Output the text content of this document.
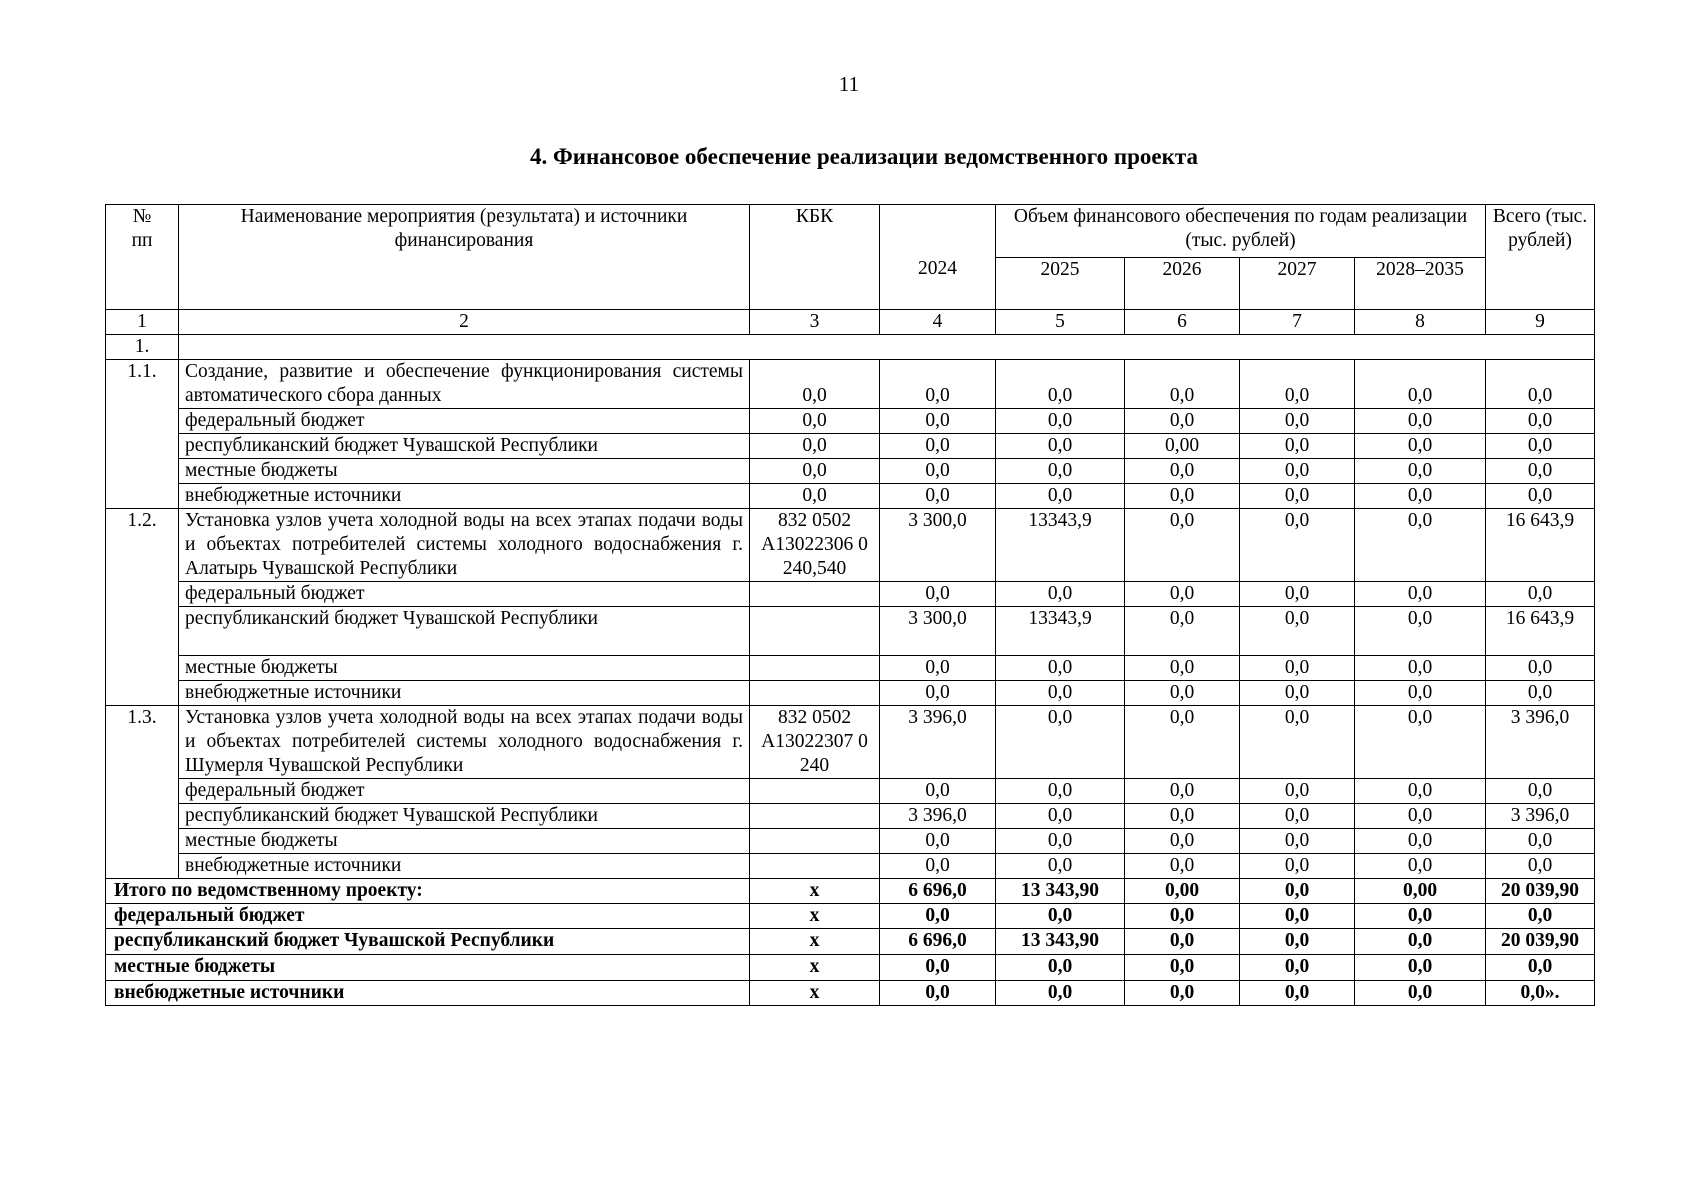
11
4. Финансовое обеспечение реализации ведомственного проекта
№
пп	Наименование мероприятия (результата) и источники финансирования	КБК		Объем финансового обеспечения по годам реализации (тыс. рублей)				Всего (тыс. рублей)
			2024	2025	2026	2027	2028–2035	
1	2	3	4	5	6	7	8	9
1.								
1.1.	Создание, развитие и обеспечение функционирования системы автоматического сбора данных	0,0	0,0	0,0	0,0	0,0	0,0	0,0
	федеральный бюджет	0,0	0,0	0,0	0,0	0,0	0,0	0,0
	республиканский бюджет Чувашской Республики	0,0	0,0	0,0	0,00	0,0	0,0	0,0
	местные бюджеты	0,0	0,0	0,0	0,0	0,0	0,0	0,0
	внебюджетные источники	0,0	0,0	0,0	0,0	0,0	0,0	0,0
1.2.	Установка узлов учета холодной воды на всех этапах подачи воды и объектах потребителей системы холодного водоснабжения г. Алатырь Чувашской Республики	832 0502 А13022306 0 240,540	3 300,0	13343,9	0,0	0,0	0,0	16 643,9
	федеральный бюджет		0,0	0,0	0,0	0,0	0,0	0,0
	республиканский бюджет Чувашской Республики		3 300,0	13343,9	0,0	0,0	0,0	16 643,9
	местные бюджеты		0,0	0,0	0,0	0,0	0,0	0,0
	внебюджетные источники		0,0	0,0	0,0	0,0	0,0	0,0
1.3.	Установка узлов учета холодной воды на всех этапах подачи воды и объектах потребителей системы холодного водоснабжения г. Шумерля Чувашской Республики	832 0502 А13022307 0 240	3 396,0	0,0	0,0	0,0	0,0	3 396,0
	федеральный бюджет		0,0	0,0	0,0	0,0	0,0	0,0
	республиканский бюджет Чувашской Республики		3 396,0	0,0	0,0	0,0	0,0	3 396,0
	местные бюджеты		0,0	0,0	0,0	0,0	0,0	0,0
	внебюджетные источники		0,0	0,0	0,0	0,0	0,0	0,0
Итого по ведомственному проекту:		х	6 696,0	13 343,90	0,00	0,0	0,00	20 039,90
федеральный бюджет		х	0,0	0,0	0,0	0,0	0,0	0,0
республиканский бюджет Чувашской Республики		х	6 696,0	13 343,90	0,0	0,0	0,0	20 039,90
местные бюджеты		х	0,0	0,0	0,0	0,0	0,0	0,0
внебюджетные источники		х	0,0	0,0	0,0	0,0	0,0	0,0».
